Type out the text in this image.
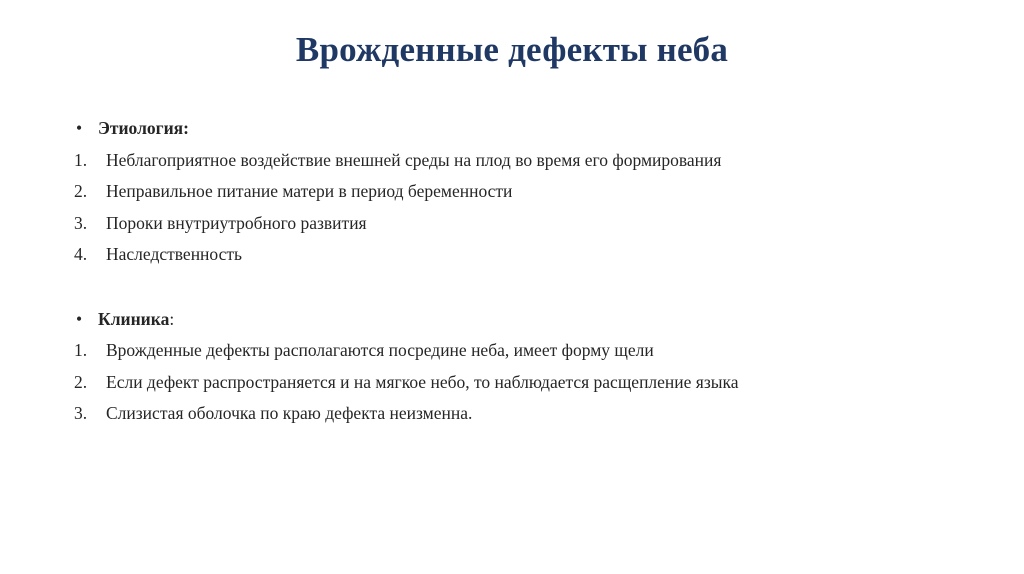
Врожденные дефекты неба
• Этиология:
1.	Неблагоприятное воздействие внешней среды на плод во время его формирования
2.	Неправильное питание матери в период беременности
3.	Пороки внутриутробного развития
4.	Наследственность
• Клиника :
1.	Врожденные дефекты располагаются посредине неба, имеет форму щели
2.	Если дефект распространяется и на мягкое небо, то наблюдается расщепление языка
3.	Слизистая оболочка по краю дефекта неизменна.
